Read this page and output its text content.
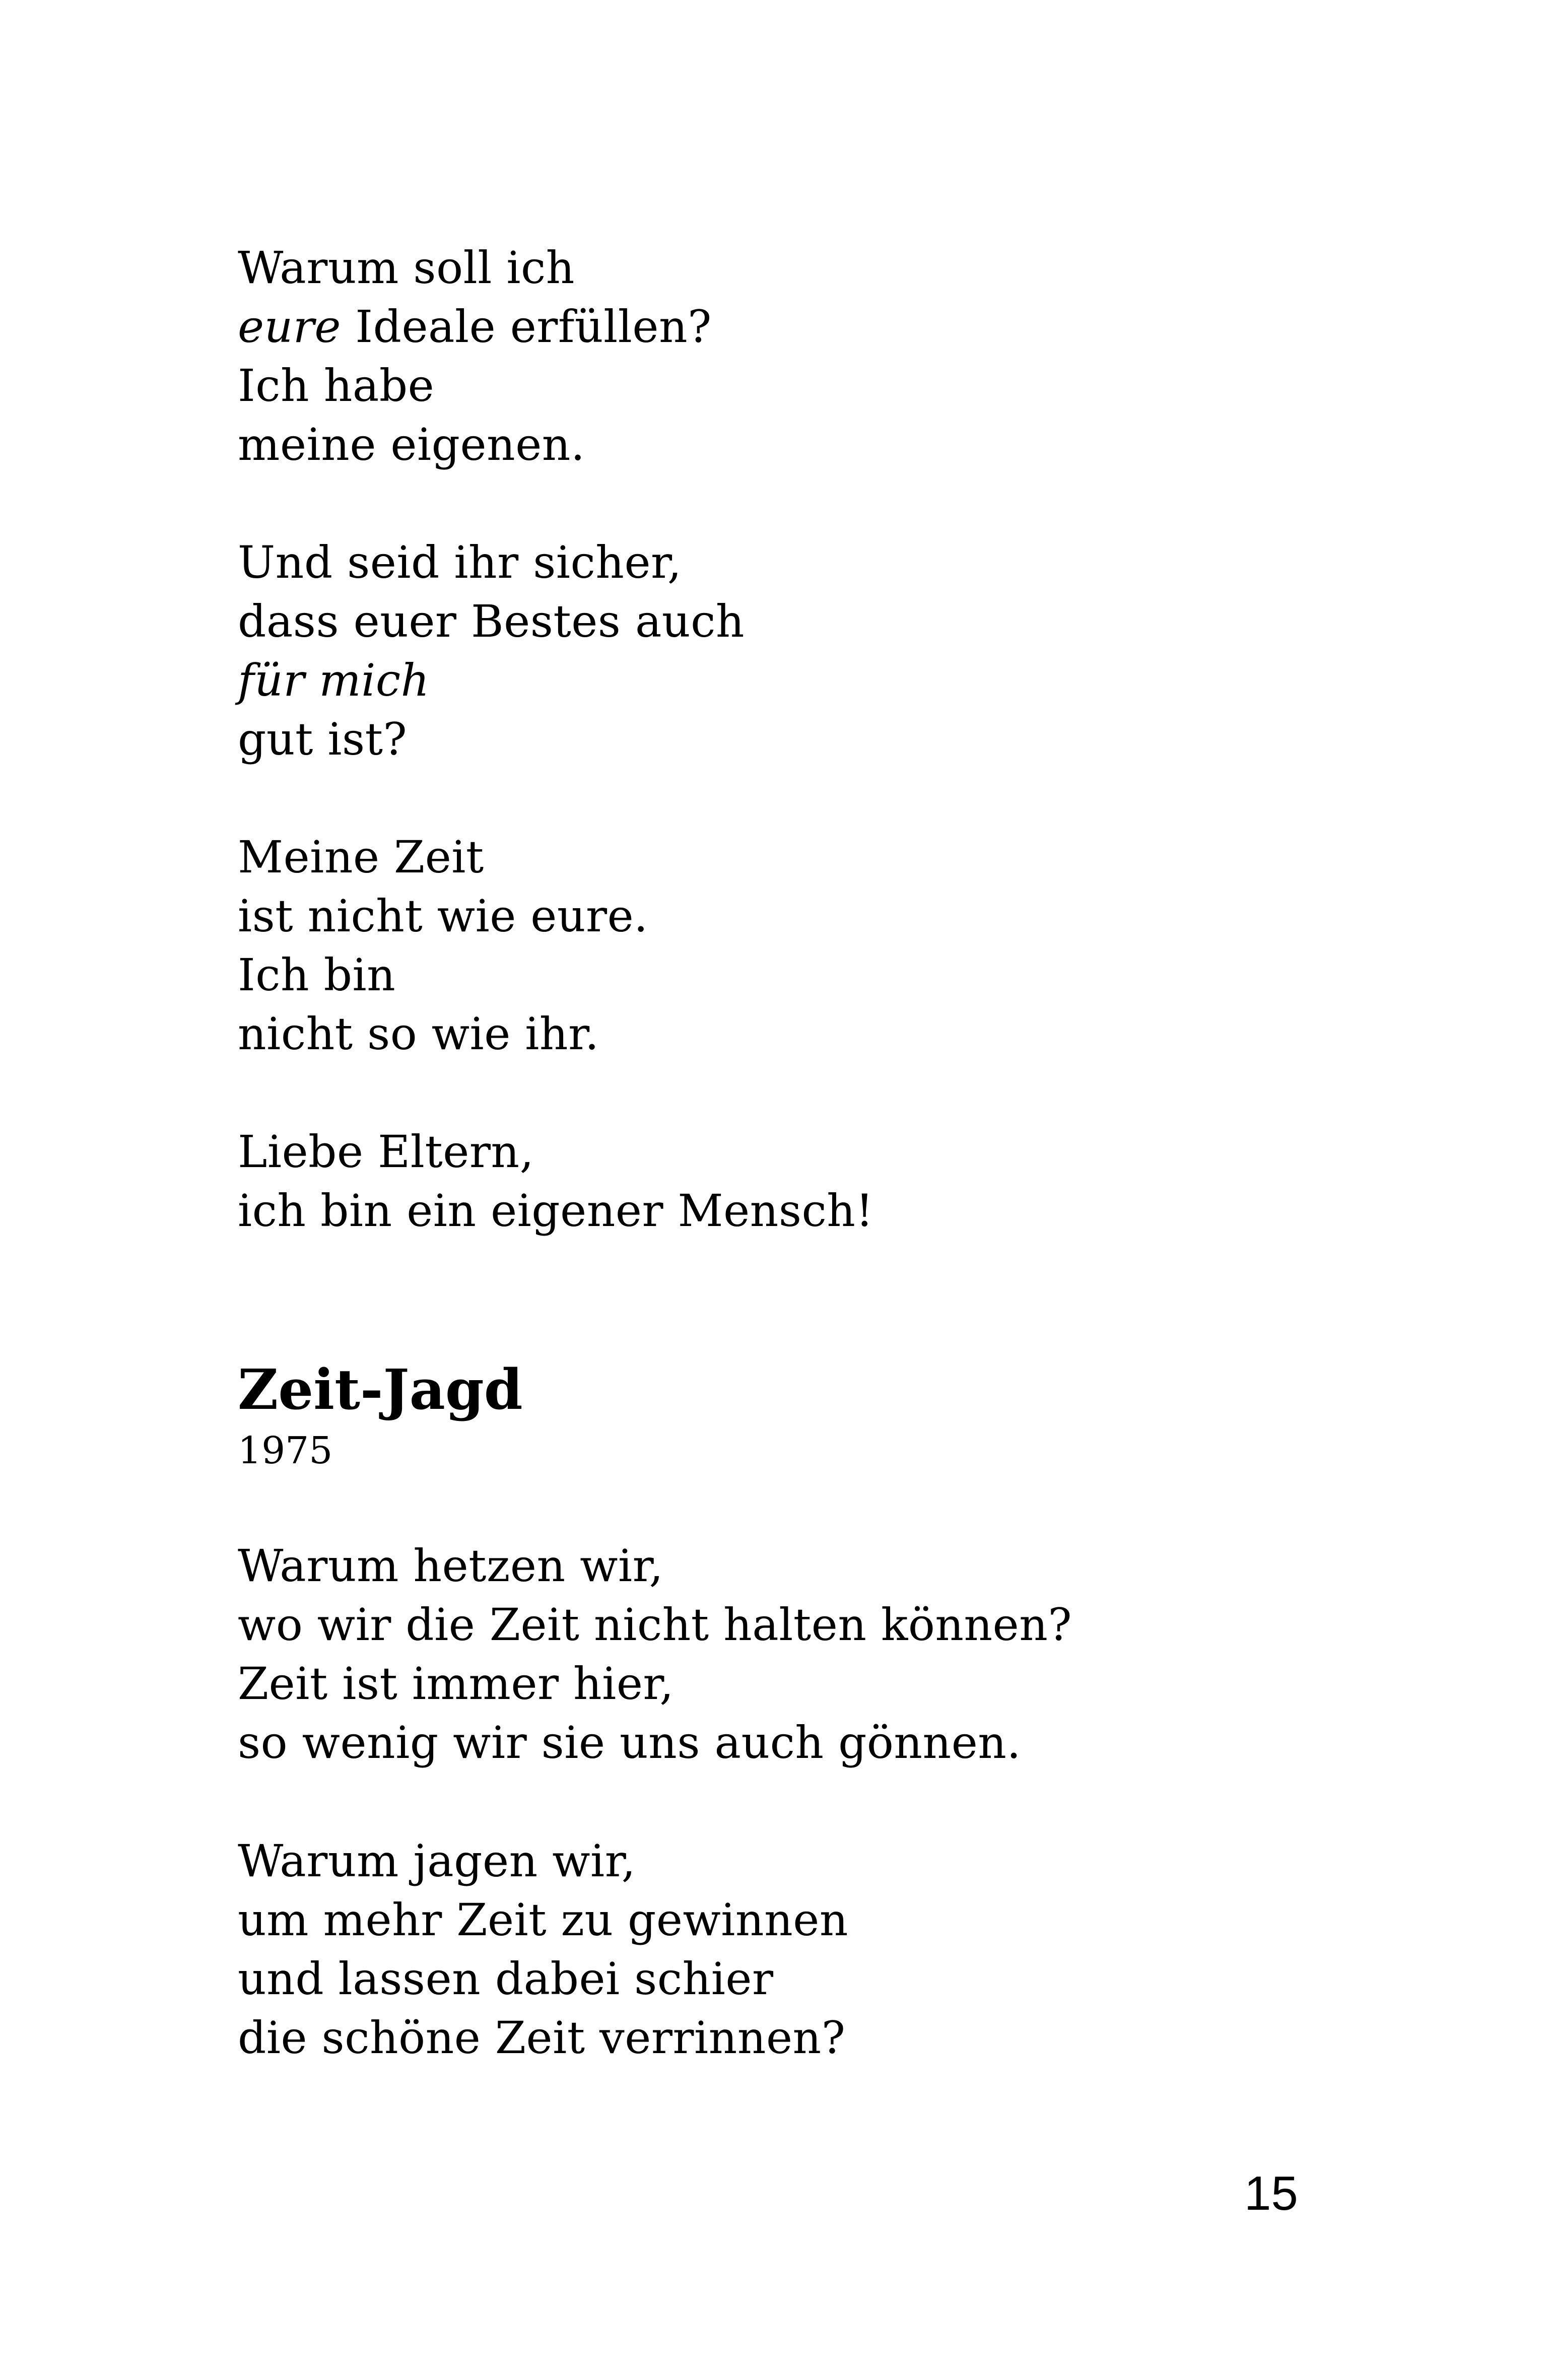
Warum soll ich
eure Ideale erfüllen?
Ich habe
meine eigenen.
Und seid ihr sicher,
dass euer Bestes auch
für mich
gut ist?
Meine Zeit
ist nicht wie eure.
Ich bin
nicht so wie ihr.
Liebe Eltern,
ich bin ein eigener Mensch!
Zeit-Jagd
1975
Warum hetzen wir,
wo wir die Zeit nicht halten können?
Zeit ist immer hier,
so wenig wir sie uns auch gönnen.
Warum jagen wir,
um mehr Zeit zu gewinnen
und lassen dabei schier
die schöne Zeit verrinnen?
15
